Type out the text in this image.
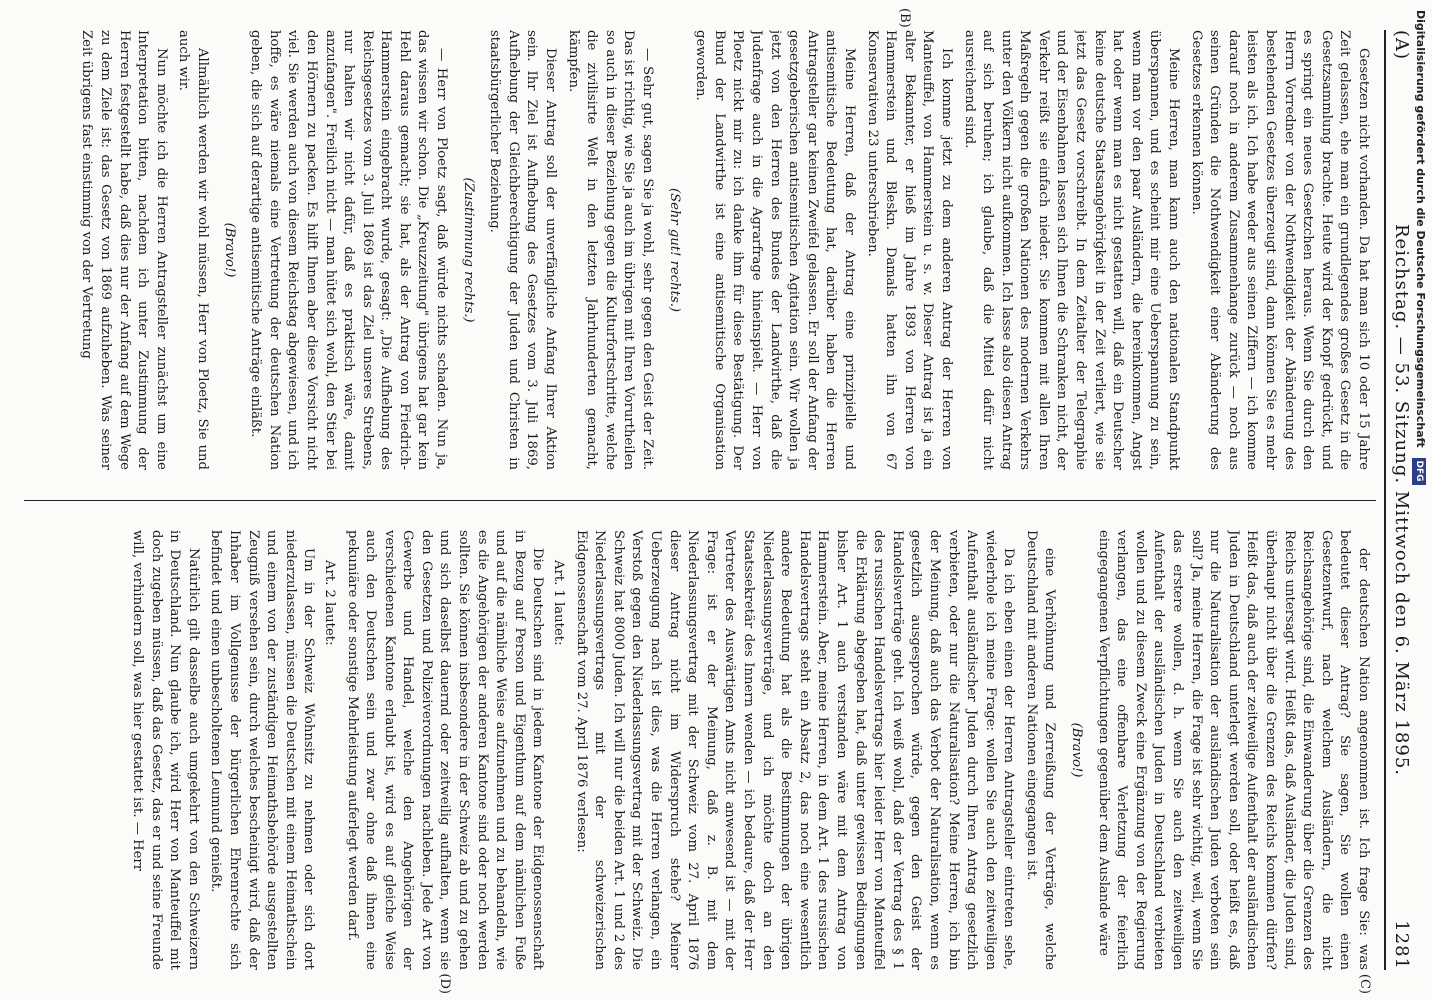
(A)
Reichstag. — 53. Sitzung. Mittwoch den 6. März 1895.
1281

Gesetzen nicht vorhanden. Da hat man sich 10 oder 15 Jahre Zeit gelassen, ehe man ein grundlegendes großes Gesetz in die Gesetzsammlung brachte. Heute wird der Knopf gedrückt, und es springt ein neues Gesetzchen heraus. Wenn Sie durch den Herrn Vorredner von der Nothwendigkeit der Abänderung des bestehenden Gesetzes überzeugt sind, dann können Sie es mehr leisten als ich. Ich habe weder aus seinen Ziffern — ich komme darauf noch in anderem Zusammenhange zurück — noch aus seinen Gründen die Nothwendigkeit einer Abänderung des Gesetzes erkennen können.

Meine Herren, man kann auch den nationalen Standpunkt überspannen, und es scheint mir eine Ueberspannung zu sein, wenn man vor den paar Ausländern, die hereinkommen, Angst hat oder wenn man es nicht gestatten will, daß ein Deutscher keine deutsche Staatsangehörigkeit in der Zeit verliert, wie sie jetzt das Gesetz vorschreibt. In dem Zeitalter der Telegraphie und der Eisenbahnen lassen sich Ihnen die Schranken nicht, der Verkehr reißt sie einfach nieder. Sie kommen mit allen Ihren Maßregeln gegen die großen Nationen des modernen Verkehrs unter den Völkern nicht aufkommen. Ich lasse also diesen Antrag auf sich beruhen; ich glaube, daß die Mittel dafür nicht ausreichend sind.

Ich komme jetzt zu dem anderen Antrag der Herren von Manteuffel, von Hammerstein u. s. w. Dieser Antrag ist ja ein alter Bekannter, er hieß im Jahre 1893 von Herren von Hammerstein und Bleskn. Damals hatten ihn von 67 Konservativen 23 unterschrieben.

Meine Herren, daß der Antrag eine prinzipielle und antisemitische Bedeutung hat, darüber haben die Herren Antragsteller gar keinen Zweifel gelassen. Er soll der Anfang der gesetzgeberischen antisemitischen Agitation sein. Wir wollen ja jetzt von den Herren des Bundes der Landwirthe, daß die Judenfrage auch in die Agrarfrage hineinspielt. — Herr von Ploetz nickt mir zu: ich danke ihm für diese Bestätigung. Der Bund der Landwirthe ist eine antisemitische Organisation geworden.

(Sehr gut! rechts.)

— Sehr gut, sagen Sie ja wohl, sehr gegen den Geist der Zeit. Das ist richtig, wie Sie ja auch im übrigen mit Ihren Vorurtheilen so auch in dieser Beziehung gegen die Kulturfortschritte, welche die zivilisirte Welt in den letzten Jahrhunderten gemacht, kämpfen.

Dieser Antrag soll der unverfängliche Anfang Ihrer Aktion sein. Ihr Ziel ist Aufhebung des Gesetzes vom 3. Juli 1869, Aufhebung der Gleichberechtigung der Juden und Christen in staatsbürgerlicher Beziehung.

(Zustimmung rechts.)

— Herr von Ploetz sagt, daß würde nichts schaden. Nun ja, das wissen wir schon. Die „Kreuzzeitung" übrigens hat gar kein Hehl daraus gemacht; sie hat, als der Antrag von Friedrich-Hammerstein eingebracht wurde, gesagt: „Die Aufhebung des Reichsgesetzes vom 3. Juli 1869 ist das Ziel unseres Strebens, nur halten wir nicht dafür, daß es praktisch wäre, damit anzufangen". Freilich nicht — man hütet sich wohl, den Stier bei den Hörnern zu packen. Es hilft Ihnen aber diese Vorsicht nicht viel. Sie werden auch von diesem Reichstag abgewiesen, und ich hoffe, es wäre niemals eine Vertretung der deutschen Nation geben, die sich auf derartige antisemitische Anträge einläßt.

(Bravo!)

Allmählich werden wir wohl müssen, Herr von Ploetz, Sie und auch wir.

Nun möchte ich die Herren Antragsteller zunächst um eine Interpretation bitten, nachdem ich unter Zustimmung der Herren festgestellt habe, daß dies nur der Anfang auf dem Wege zu dem Ziele ist: das Gesetz von 1869 aufzuheben. Was seiner Zeit übrigens fast einstimmig von der Vertretung

der deutschen Nation angenommen ist. Ich frage Sie: was bedeutet dieser Antrag? Sie sagen, Sie wollen einen Gesetzentwurf, nach welchem Ausländern, die nicht Reichsangehörige sind, die Einwanderung über die Grenzen des Reichs untersagt wird. Heißt das, daß Ausländer, die Juden sind, überhaupt nicht über die Grenzen des Reichs kommen dürfen? Heißt das, daß auch der zeitweilige Aufenthalt der ausländischen Juden in Deutschland unterlegt werden soll, oder heißt es, daß nur die Naturalisation der ausländischen Juden verboten sein soll? Ja, meine Herren, die Frage ist sehr wichtig, weil, wenn Sie das erstere wollen, d. h. wenn Sie auch den zeitweiligen Aufenthalt der ausländischen Juden in Deutschland verbieten wollen und zu diesem Zweck eine Ergänzung von der Regierung verlangen, das eine offenbare Verletzung der feierlich eingegangenen Verpflichtungen gegenüber dem Auslande wäre

(Bravo!)

eine Verhöhnung und Zerreißung der Verträge, welche Deutschland mit anderen Nationen eingegangen ist.

Da ich eben einen der Herren Antragsteller eintreten sehe, wiederhole ich meine Frage: wollen Sie auch den zeitweiligen Aufenthalt ausländischer Juden durch Ihren Antrag gesetzlich verbieten, oder nur die Naturalisation? Meine Herren, ich bin der Meinung, daß auch das Verbot der Naturalisation, wenn es gesetzlich ausgesprochen würde, gegen den Geist der Handelsverträge geht. Ich weiß wohl, daß der Vertrag des § 1 des russischen Handelsvertrags hier leider Herr von Manteuffel die Erklärung abgegeben hat, daß unter gewissen Bedingungen bisher Art. 1 auch verstanden wäre mit dem Antrag von Hammerstein. Aber, meine Herren, in dem Art. 1 des russischen Handelsvertrags steht ein Absatz 2, das noch eine wesentlich andere Bedeutung hat als die Bestimmungen der übrigen Niederlassungsverträge, und ich möchte doch an den Staatssekretär des Innern wenden — ich bedaure, daß der Herr Vertreter des Auswärtigen Amts nicht anwesend ist — mit der Frage: ist er der Meinung, daß z. B. mit dem Niederlassungsvertrag mit der Schweiz vom 27. April 1876 dieser Antrag nicht im Widerspruch stehe? Meiner Ueberzeugung nach ist dies, was die Herren verlangen, ein Verstoß gegen den Niederlassungsvertrag mit der Schweiz. Die Schweiz hat 8000 Juden. Ich will nur die beiden Art. 1 und 2 des Niederlassungsvertrags mit der schweizerischen Eidgenossenschaft vom 27. April 1876 verlesen:

Art. 1 lautet:

Die Deutschen sind in jedem Kantone der Eidgenossenschaft in Bezug auf Person und Eigenthum auf dem nämlichen Fuße und auf die nämliche Weise aufzunehmen und zu behandeln, wie es die Angehörigen der anderen Kantone sind oder noch werden sollten. Sie können insbesondere in der Schweiz ab und zu gehen und sich daselbst dauernd oder zeitweilig aufhalten, wenn sie den Gesetzen und Polizeiverordnungen nachleben. Jede Art von Gewerbe und Handel, welche den Angehörigen der verschiedenen Kantone erlaubt ist, wird es auf gleiche Weise auch den Deutschen sein und zwar ohne daß ihnen eine pekuniäre oder sonstige Mehrleistung auferlegt werden darf.

Art. 2 lautet:

Um in der Schweiz Wohnsitz zu nehmen oder sich dort niederzulassen, müssen die Deutschen mit einem Heimathschein und einem von der zuständigen Heimathsbehörde ausgestellten Zeugniß versehen sein, durch welches bescheinigt wird, daß der Inhaber im Vollgenusse der bürgerlichen Ehrenrechte sich befindet und einen unbescholtenen Leumund genießt.

Natürlich gilt dasselbe auch umgekehrt von den Schweizern in Deutschland. Nun glaube ich, wird Herr von Manteuffel mit doch zugeben müssen, daß das Gesetz, das er und seine Freunde will, verhindern soll, was hier gestattet ist. — Herr

(B)
(C)
(D)
Digitalisierung gefördert durch die Deutsche Forschungsgemeinschaft DFG
